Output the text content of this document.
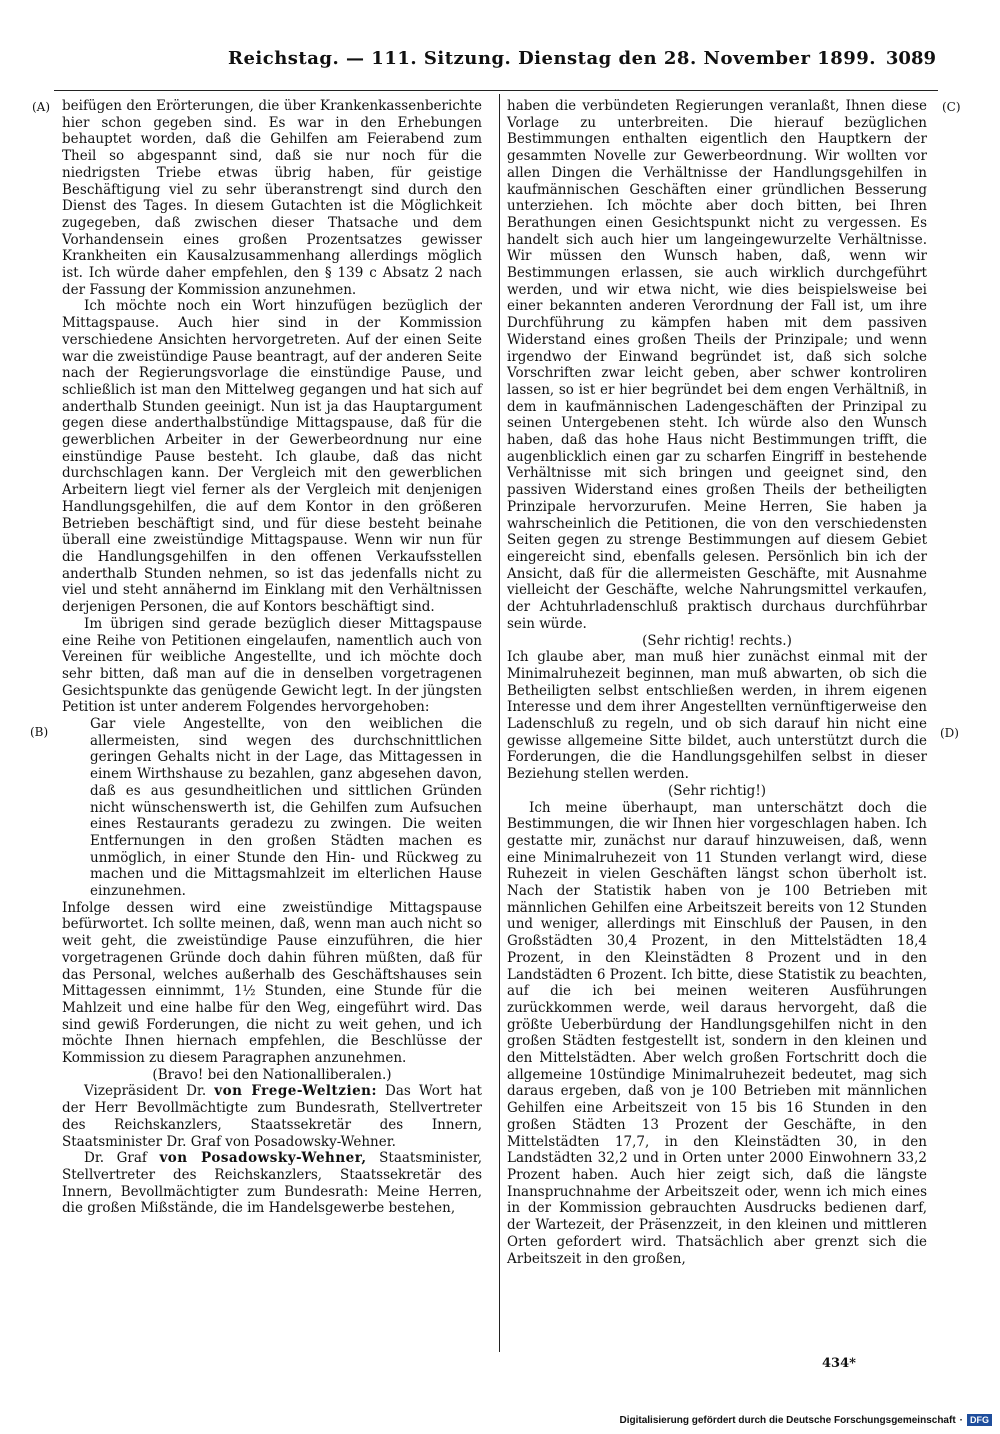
Reichstag. — 111. Sitzung. Dienstag den 28. November 1899. 3089
(A)
(B)
(C)
(D)

beifügen den Erörterungen, die über Krankenkassenberichte hier schon gegeben sind. Es war in den Erhebungen behauptet worden, daß die Gehilfen am Feierabend zum Theil so abgespannt sind, daß sie nur noch für die niedrigsten Triebe etwas übrig haben, für geistige Beschäftigung viel zu sehr überanstrengt sind durch den Dienst des Tages. In diesem Gutachten ist die Möglichkeit zugegeben, daß zwischen dieser Thatsache und dem Vorhandensein eines großen Prozentsatzes gewisser Krankheiten ein Kausalzusammenhang allerdings möglich ist. Ich würde daher empfehlen, den § 139 c Absatz 2 nach der Fassung der Kommission anzunehmen.

Ich möchte noch ein Wort hinzufügen bezüglich der Mittagspause. Auch hier sind in der Kommission verschiedene Ansichten hervorgetreten. Auf der einen Seite war die zweistündige Pause beantragt, auf der anderen Seite nach der Regierungsvorlage die einstündige Pause, und schließlich ist man den Mittelweg gegangen und hat sich auf anderthalb Stunden geeinigt. Nun ist ja das Hauptargument gegen diese anderthalbstündige Mittagspause, daß für die gewerblichen Arbeiter in der Gewerbeordnung nur eine einstündige Pause besteht. Ich glaube, daß das nicht durchschlagen kann. Der Vergleich mit den gewerblichen Arbeitern liegt viel ferner als der Vergleich mit denjenigen Handlungsgehilfen, die auf dem Kontor in den größeren Betrieben beschäftigt sind, und für diese besteht beinahe überall eine zweistündige Mittagspause. Wenn wir nun für die Handlungsgehilfen in den offenen Verkaufsstellen anderthalb Stunden nehmen, so ist das jedenfalls nicht zu viel und steht annähernd im Einklang mit den Verhältnissen derjenigen Personen, die auf Kontors beschäftigt sind.

Im übrigen sind gerade bezüglich dieser Mittagspause eine Reihe von Petitionen eingelaufen, namentlich auch von Vereinen für weibliche Angestellte, und ich möchte doch sehr bitten, daß man auf die in denselben vorgetragenen Gesichtspunkte das genügende Gewicht legt. In der jüngsten Petition ist unter anderem Folgendes hervorgehoben:

Gar viele Angestellte, von den weiblichen die allermeisten, sind wegen des durchschnittlichen geringen Gehalts nicht in der Lage, das Mittagessen in einem Wirthshause zu bezahlen, ganz abgesehen davon, daß es aus gesundheitlichen und sittlichen Gründen nicht wünschenswerth ist, die Gehilfen zum Aufsuchen eines Restaurants geradezu zu zwingen. Die weiten Entfernungen in den großen Städten machen es unmöglich, in einer Stunde den Hin- und Rückweg zu machen und die Mittagsmahlzeit im elterlichen Hause einzunehmen.

Infolge dessen wird eine zweistündige Mittagspause befürwortet. Ich sollte meinen, daß, wenn man auch nicht so weit geht, die zweistündige Pause einzuführen, die hier vorgetragenen Gründe doch dahin führen müßten, daß für das Personal, welches außerhalb des Geschäftshauses sein Mittagessen einnimmt, 1½ Stunden, eine Stunde für die Mahlzeit und eine halbe für den Weg, eingeführt wird. Das sind gewiß Forderungen, die nicht zu weit gehen, und ich möchte Ihnen hiernach empfehlen, die Beschlüsse der Kommission zu diesem Paragraphen anzunehmen.

(Bravo! bei den Nationalliberalen.)

Vizepräsident Dr. von Frege-Weltzien: Das Wort hat der Herr Bevollmächtigte zum Bundesrath, Stellvertreter des Reichskanzlers, Staatssekretär des Innern, Staatsminister Dr. Graf von Posadowsky-Wehner.

Dr. Graf von Posadowsky-Wehner, Staatsminister, Stellvertreter des Reichskanzlers, Staatssekretär des Innern, Bevollmächtigter zum Bundesrath: Meine Herren, die großen Mißstände, die im Handelsgewerbe bestehen,

haben die verbündeten Regierungen veranlaßt, Ihnen diese Vorlage zu unterbreiten. Die hierauf bezüglichen Bestimmungen enthalten eigentlich den Hauptkern der gesammten Novelle zur Gewerbeordnung. Wir wollten vor allen Dingen die Verhältnisse der Handlungsgehilfen in kaufmännischen Geschäften einer gründlichen Besserung unterziehen. Ich möchte aber doch bitten, bei Ihren Berathungen einen Gesichtspunkt nicht zu vergessen. Es handelt sich auch hier um langeingewurzelte Verhältnisse. Wir müssen den Wunsch haben, daß, wenn wir Bestimmungen erlassen, sie auch wirklich durchgeführt werden, und wir etwa nicht, wie dies beispielsweise bei einer bekannten anderen Verordnung der Fall ist, um ihre Durchführung zu kämpfen haben mit dem passiven Widerstand eines großen Theils der Prinzipale; und wenn irgendwo der Einwand begründet ist, daß sich solche Vorschriften zwar leicht geben, aber schwer kontroliren lassen, so ist er hier begründet bei dem engen Verhältniß, in dem in kaufmännischen Ladengeschäften der Prinzipal zu seinen Untergebenen steht. Ich würde also den Wunsch haben, daß das hohe Haus nicht Bestimmungen trifft, die augenblicklich einen gar zu scharfen Eingriff in bestehende Verhältnisse mit sich bringen und geeignet sind, den passiven Widerstand eines großen Theils der betheiligten Prinzipale hervorzurufen. Meine Herren, Sie haben ja wahrscheinlich die Petitionen, die von den verschiedensten Seiten gegen zu strenge Bestimmungen auf diesem Gebiet eingereicht sind, ebenfalls gelesen. Persönlich bin ich der Ansicht, daß für die allermeisten Geschäfte, mit Ausnahme vielleicht der Geschäfte, welche Nahrungsmittel verkaufen, der Achtuhrladenschluß praktisch durchaus durchführbar sein würde.

(Sehr richtig! rechts.)

Ich glaube aber, man muß hier zunächst einmal mit der Minimalruhezeit beginnen, man muß abwarten, ob sich die Betheiligten selbst entschließen werden, in ihrem eigenen Interesse und dem ihrer Angestellten vernünftigerweise den Ladenschluß zu regeln, und ob sich darauf hin nicht eine gewisse allgemeine Sitte bildet, auch unterstützt durch die Forderungen, die die Handlungsgehilfen selbst in dieser Beziehung stellen werden.

(Sehr richtig!)

Ich meine überhaupt, man unterschätzt doch die Bestimmungen, die wir Ihnen hier vorgeschlagen haben. Ich gestatte mir, zunächst nur darauf hinzuweisen, daß, wenn eine Minimalruhezeit von 11 Stunden verlangt wird, diese Ruhezeit in vielen Geschäften längst schon überholt ist. Nach der Statistik haben von je 100 Betrieben mit männlichen Gehilfen eine Arbeitszeit bereits von 12 Stunden und weniger, allerdings mit Einschluß der Pausen, in den Großstädten 30,4 Prozent, in den Mittelstädten 18,4 Prozent, in den Kleinstädten 8 Prozent und in den Landstädten 6 Prozent. Ich bitte, diese Statistik zu beachten, auf die ich bei meinen weiteren Ausführungen zurückkommen werde, weil daraus hervorgeht, daß die größte Ueberbürdung der Handlungsgehilfen nicht in den großen Städten festgestellt ist, sondern in den kleinen und den Mittelstädten. Aber welch großen Fortschritt doch die allgemeine 10stündige Minimalruhezeit bedeutet, mag sich daraus ergeben, daß von je 100 Betrieben mit männlichen Gehilfen eine Arbeitszeit von 15 bis 16 Stunden in den großen Städten 13 Prozent der Geschäfte, in den Mittelstädten 17,7, in den Kleinstädten 30, in den Landstädten 32,2 und in Orten unter 2000 Einwohnern 33,2 Prozent haben. Auch hier zeigt sich, daß die längste Inanspruchnahme der Arbeitszeit oder, wenn ich mich eines in der Kommission gebrauchten Ausdrucks bedienen darf, der Wartezeit, der Präsenzzeit, in den kleinen und mittleren Orten gefordert wird. Thatsächlich aber grenzt sich die Arbeitszeit in den großen,

434*
Digitalisierung gefördert durch die Deutsche Forschungsgemeinschaft · DFG
